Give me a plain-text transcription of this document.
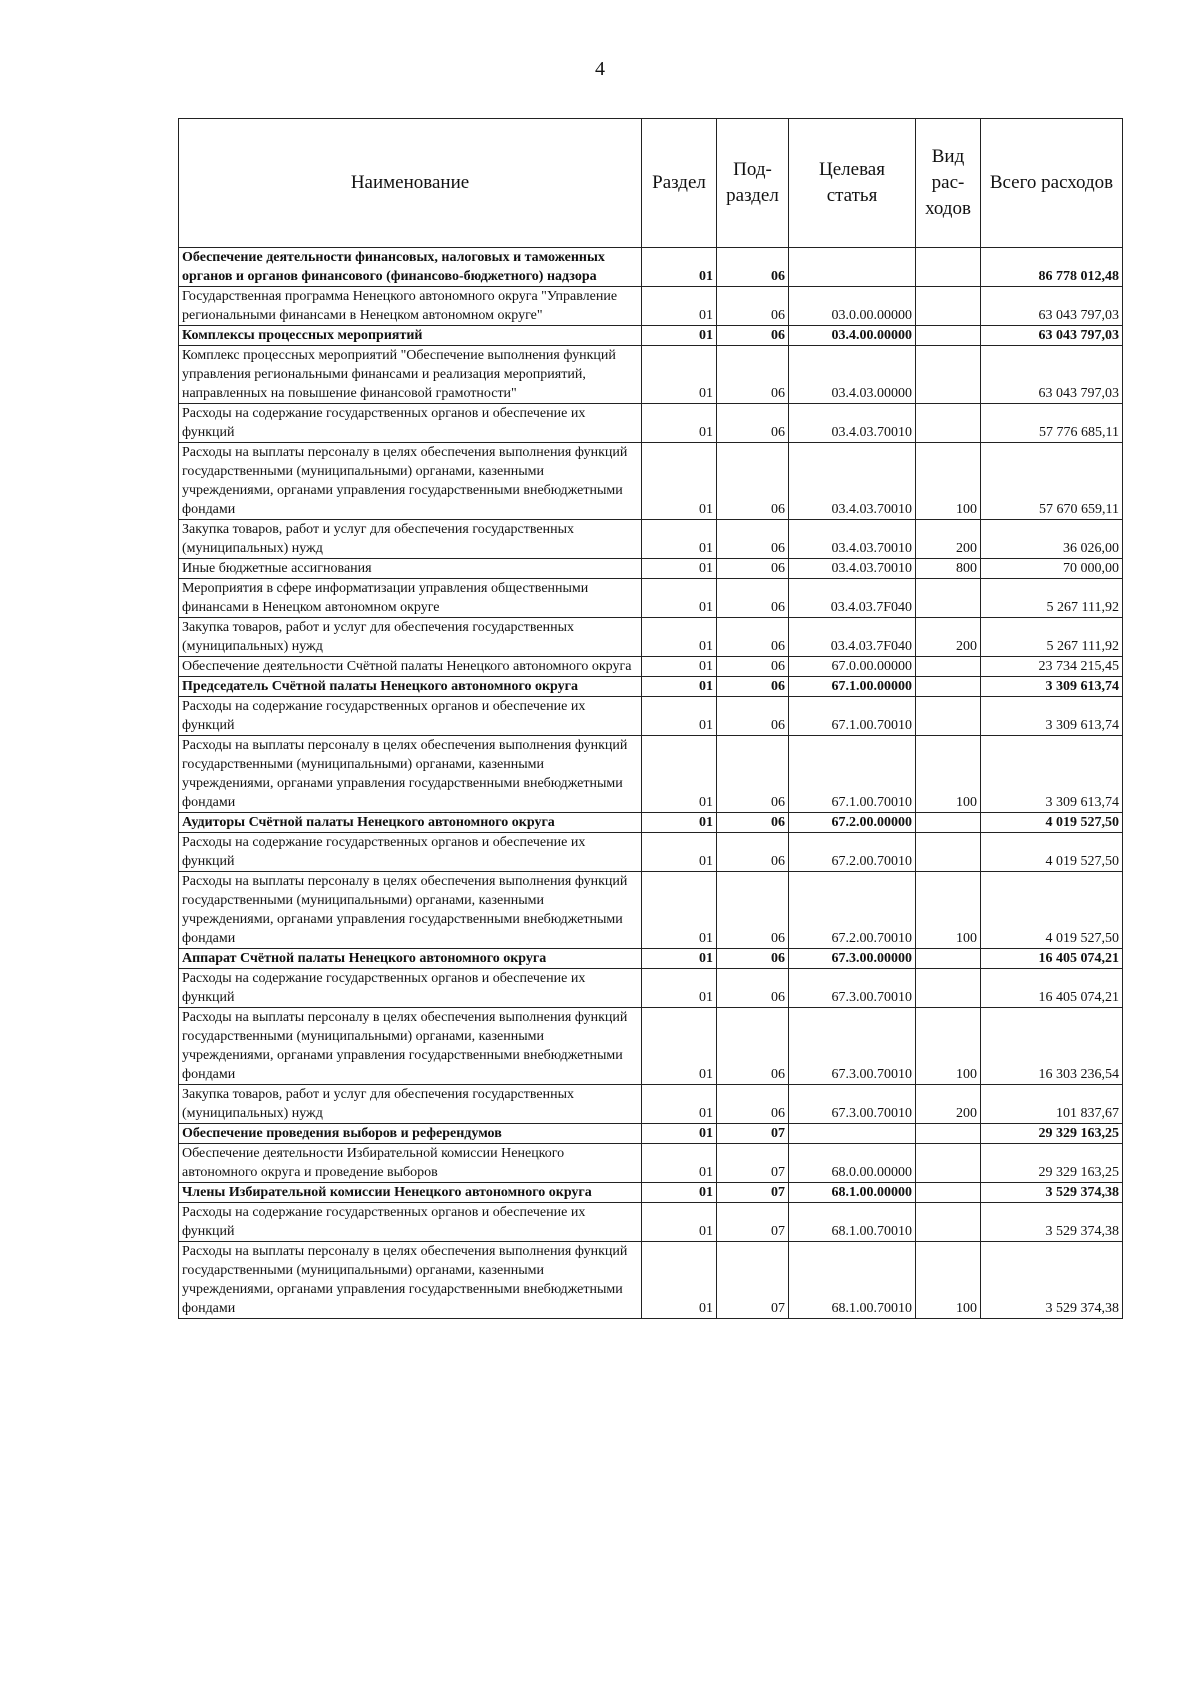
4
Наименование	Раздел	Под-раздел	Целевая статья	Вид рас-ходов	Всего расходов
Обеспечение деятельности финансовых, налоговых и таможенных органов и органов финансового (финансово-бюджетного) надзора	01	06			86 778 012,48
Государственная программа Ненецкого автономного округа "Управление региональными финансами в Ненецком автономном округе"	01	06	03.0.00.00000		63 043 797,03
Комплексы процессных мероприятий	01	06	03.4.00.00000		63 043 797,03
Комплекс процессных мероприятий "Обеспечение выполнения функций управления региональными финансами и реализация мероприятий, направленных на повышение финансовой грамотности"	01	06	03.4.03.00000		63 043 797,03
Расходы на содержание государственных органов и обеспечение их функций	01	06	03.4.03.70010		57 776 685,11
Расходы на выплаты персоналу в целях обеспечения выполнения функций государственными (муниципальными) органами, казенными учреждениями, органами управления государственными внебюджетными фондами	01	06	03.4.03.70010	100	57 670 659,11
Закупка товаров, работ и услуг для обеспечения государственных (муниципальных) нужд	01	06	03.4.03.70010	200	36 026,00
Иные бюджетные ассигнования	01	06	03.4.03.70010	800	70 000,00
Мероприятия в сфере информатизации управления общественными финансами в Ненецком автономном округе	01	06	03.4.03.7F040		5 267 111,92
Закупка товаров, работ и услуг для обеспечения государственных (муниципальных) нужд	01	06	03.4.03.7F040	200	5 267 111,92
Обеспечение деятельности Счётной палаты Ненецкого автономного округа	01	06	67.0.00.00000		23 734 215,45
Председатель Счётной палаты Ненецкого автономного округа	01	06	67.1.00.00000		3 309 613,74
Расходы на содержание государственных органов и обеспечение их функций	01	06	67.1.00.70010		3 309 613,74
Расходы на выплаты персоналу в целях обеспечения выполнения функций государственными (муниципальными) органами, казенными учреждениями, органами управления государственными внебюджетными фондами	01	06	67.1.00.70010	100	3 309 613,74
Аудиторы Счётной палаты Ненецкого автономного округа	01	06	67.2.00.00000		4 019 527,50
Расходы на содержание государственных органов и обеспечение их функций	01	06	67.2.00.70010		4 019 527,50
Расходы на выплаты персоналу в целях обеспечения выполнения функций государственными (муниципальными) органами, казенными учреждениями, органами управления государственными внебюджетными фондами	01	06	67.2.00.70010	100	4 019 527,50
Аппарат Счётной палаты Ненецкого автономного округа	01	06	67.3.00.00000		16 405 074,21
Расходы на содержание государственных органов и обеспечение их функций	01	06	67.3.00.70010		16 405 074,21
Расходы на выплаты персоналу в целях обеспечения выполнения функций государственными (муниципальными) органами, казенными учреждениями, органами управления государственными внебюджетными фондами	01	06	67.3.00.70010	100	16 303 236,54
Закупка товаров, работ и услуг для обеспечения государственных (муниципальных) нужд	01	06	67.3.00.70010	200	101 837,67
Обеспечение проведения выборов и референдумов	01	07			29 329 163,25
Обеспечение деятельности Избирательной комиссии Ненецкого автономного округа и проведение выборов	01	07	68.0.00.00000		29 329 163,25
Члены Избирательной комиссии Ненецкого автономного округа	01	07	68.1.00.00000		3 529 374,38
Расходы на содержание государственных органов и обеспечение их функций	01	07	68.1.00.70010		3 529 374,38
Расходы на выплаты персоналу в целях обеспечения выполнения функций государственными (муниципальными) органами, казенными учреждениями, органами управления государственными внебюджетными фондами	01	07	68.1.00.70010	100	3 529 374,38
